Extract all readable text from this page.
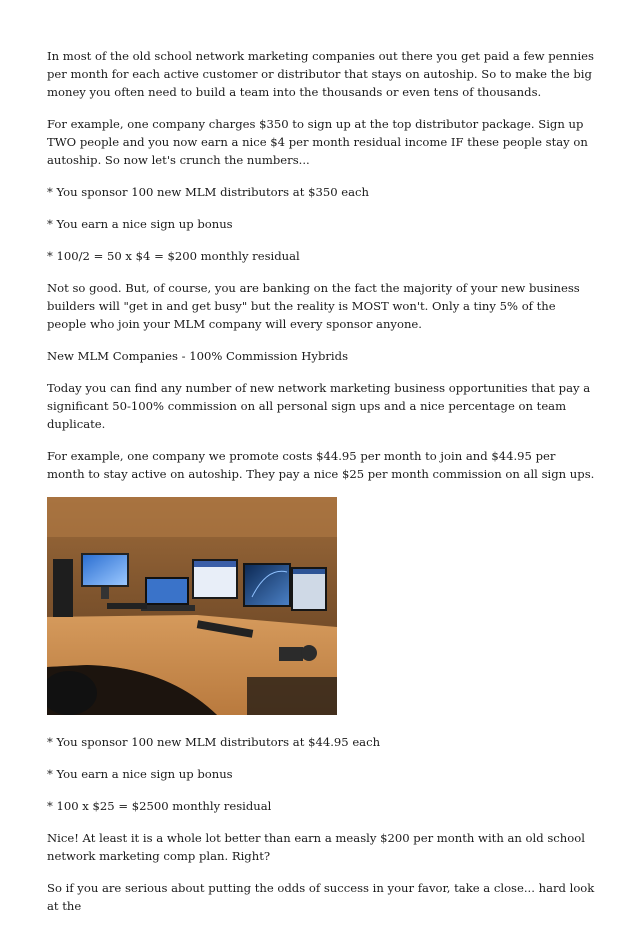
In most of the old school network marketing companies out there you get paid a few pennies per month for each active customer or distributor that stays on autoship. So to make the big money you often need to build a team into the thousands or even tens of thousands.

For example, one company charges $350 to sign up at the top distributor package. Sign up TWO people and you now earn a nice $4 per month residual income IF these people stay on autoship. So now let's crunch the numbers...

* You sponsor 100 new MLM distributors at $350 each

* You earn a nice sign up bonus

* 100/2 = 50 x $4 = $200 monthly residual

Not so good. But, of course, you are banking on the fact the majority of your new business builders will "get in and get busy" but the reality is MOST won't. Only a tiny 5% of the people who join your MLM company will every sponsor anyone.

New MLM Companies - 100% Commission Hybrids

Today you can find any number of new network marketing business opportunities that pay a significant 50-100% commission on all personal sign ups and a nice percentage on team duplicate.

For example, one company we promote costs $44.95 per month to join and $44.95 per month to stay active on autoship. They pay a nice $25 per month commission on all sign ups.

* You sponsor 100 new MLM distributors at $44.95 each

* You earn a nice sign up bonus

* 100 x $25 = $2500 monthly residual

Nice! At least it is a whole lot better than earn a measly $200 per month with an old school network marketing comp plan. Right?

So if you are serious about putting the odds of success in your favor, take a close... hard look at the
